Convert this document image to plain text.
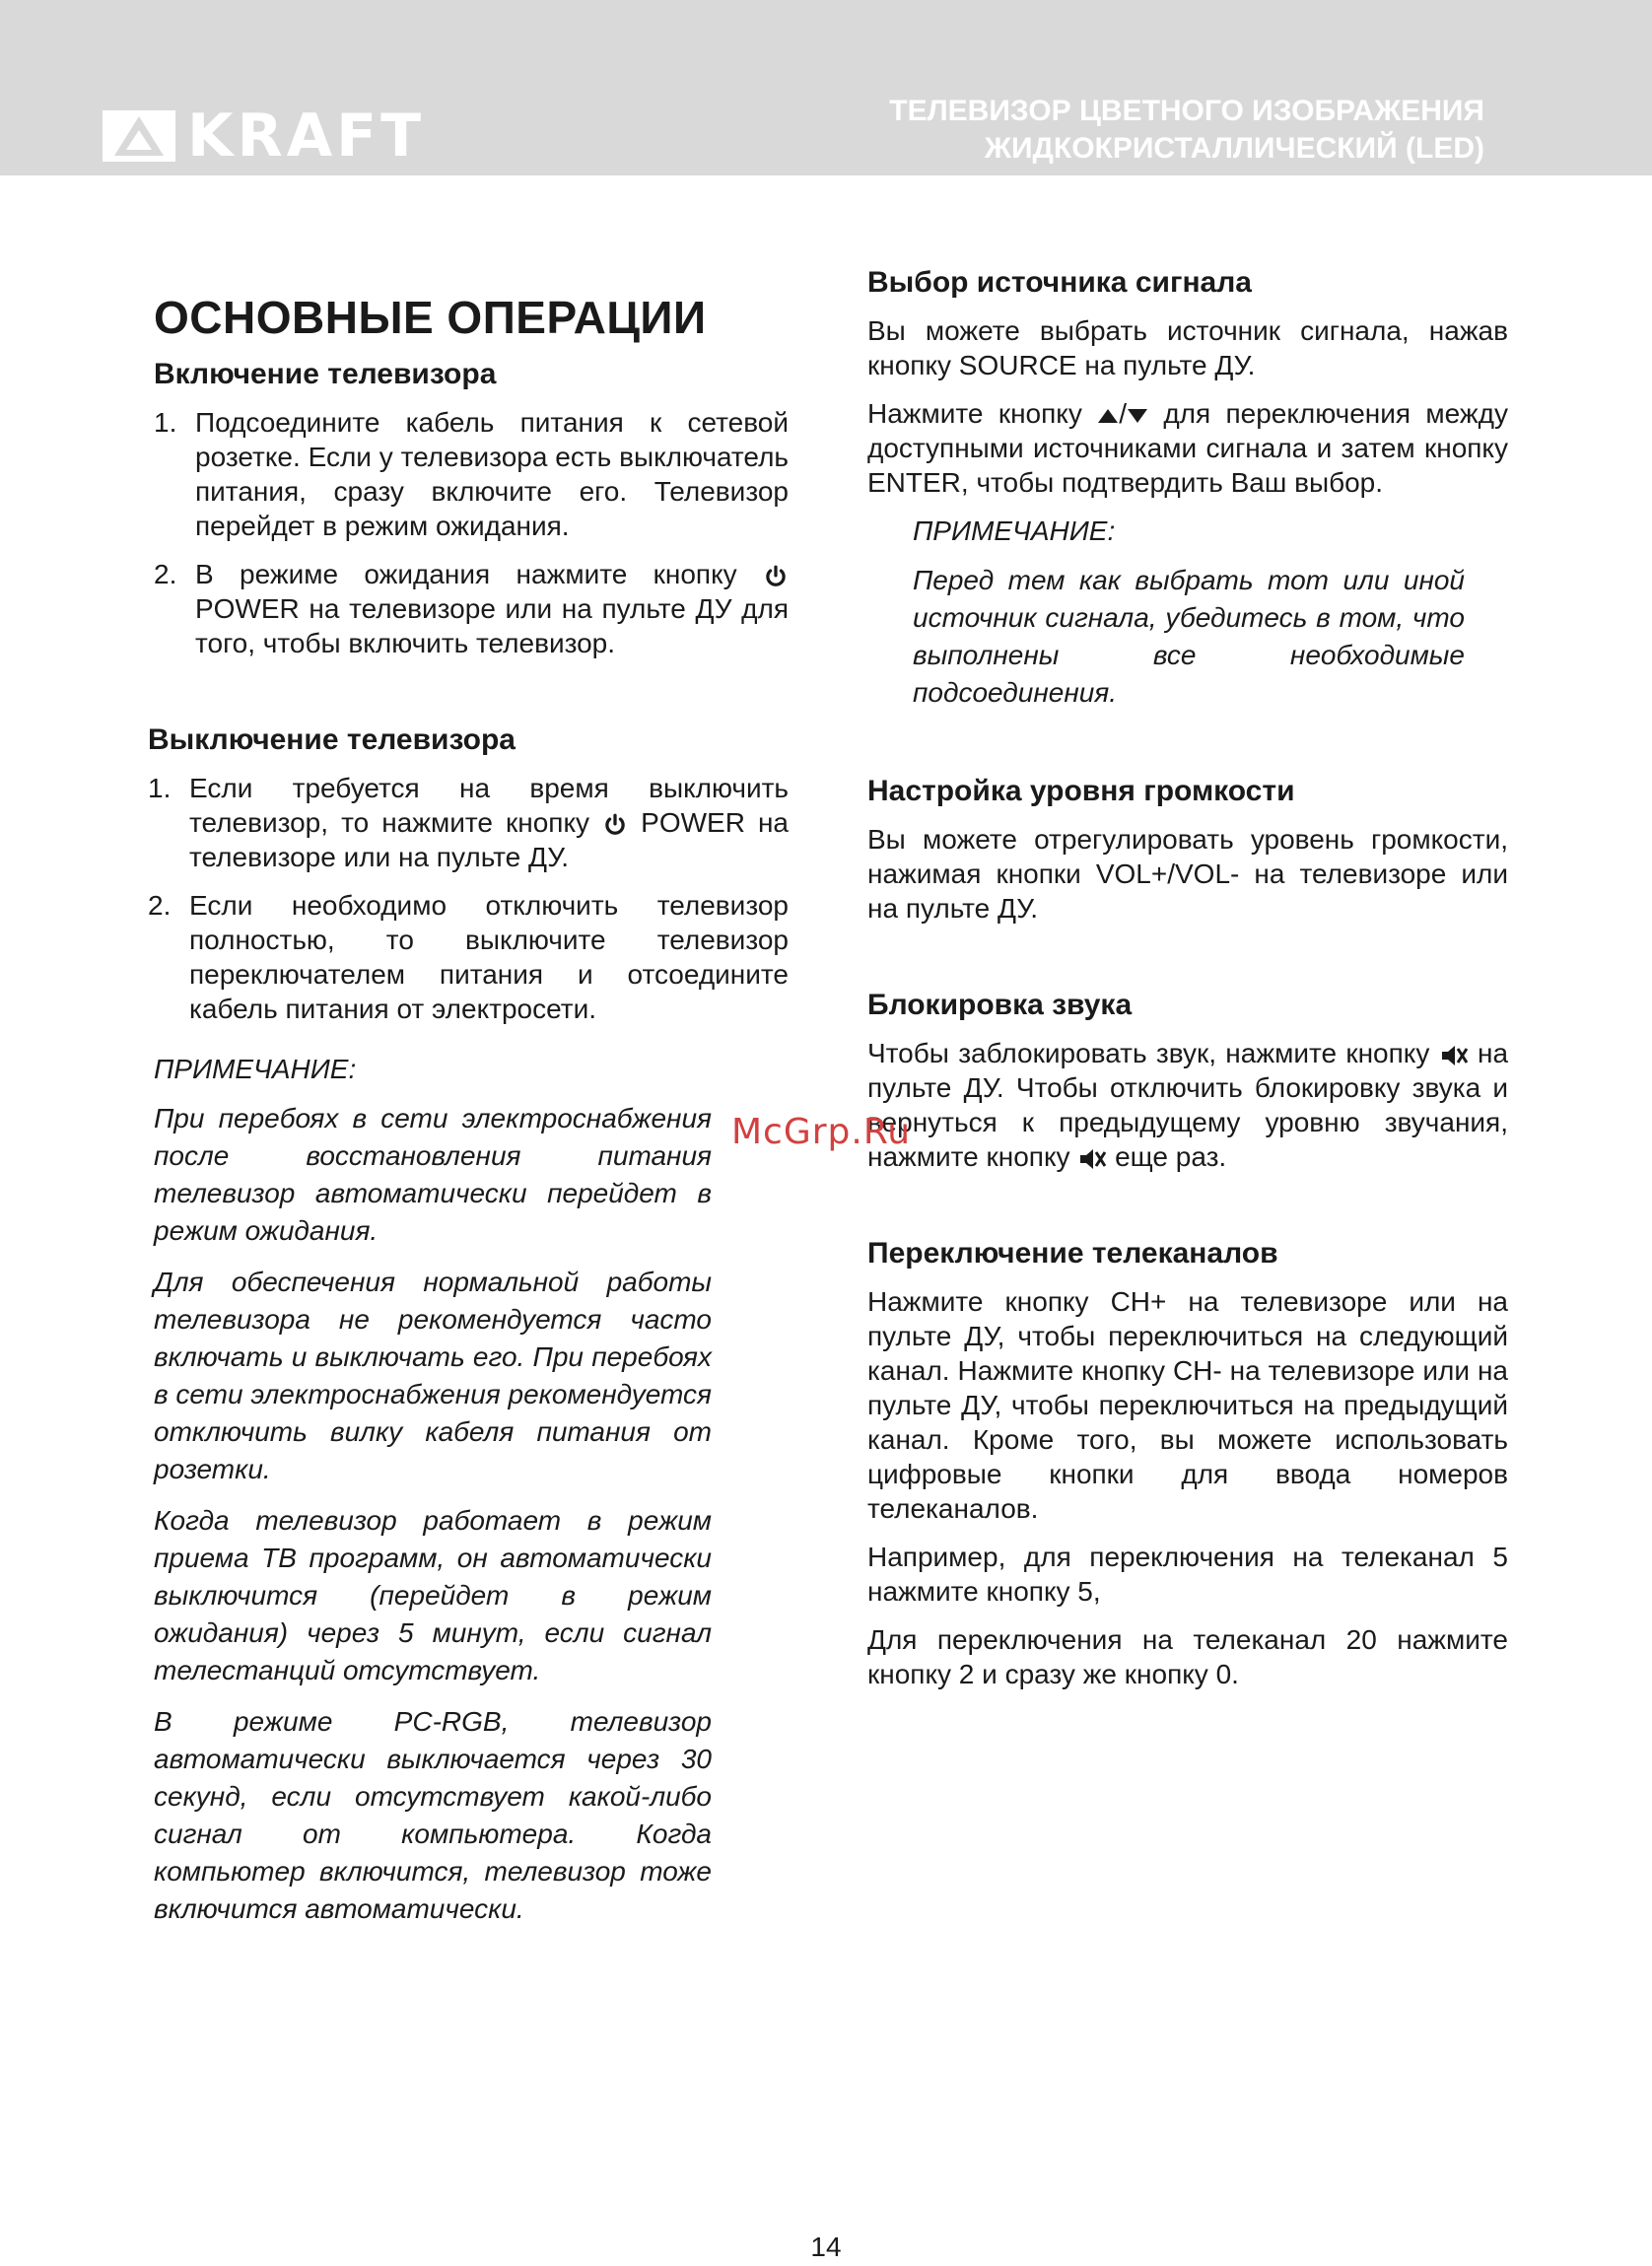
KRAFT	ТЕЛЕВИЗОР ЦВЕТНОГО ИЗОБРАЖЕНИЯ
ЖИДКОКРИСТАЛЛИЧЕСКИЙ (LED)
ОСНОВНЫЕ ОПЕРАЦИИ
Включение телевизора
1. Подсоедините кабель питания к сетевой розетке. Если у телевизора есть выключатель питания, сразу включите его. Телевизор перейдет в режим ожидания.
2. В режиме ожидания нажмите кнопку  POWER на телевизоре или на пульте ДУ для того, чтобы включить телевизор.
Выключение телевизора
1. Если требуется на время выключить телевизор, то нажмите кнопку POWER на телевизоре или на пульте ДУ.
2. Если необходимо отключить телевизор полностью, то выключите телевизор переключателем питания и отсоедините кабель питания от электросети.
ПРИМЕЧАНИЕ:

При перебоях в сети электроснабжения после восстановления питания телевизор автоматически перейдет в режим ожидания.

Для обеспечения нормальной работы телевизора не рекомендуется часто включать и выключать его. При перебоях в сети электроснабжения рекомендуется отключить вилку кабеля питания от розетки.

Когда телевизор работает в режим приема ТВ программ, он автоматически выключится (перейдет в режим ожидания) через 5 минут, если сигнал телестанций отсутствует.

В режиме PC-RGB, телевизор автоматически выключается через 30 секунд, если отсутствует какой-либо сигнал от компьютера. Когда компьютер включится, телевизор тоже включится автоматически.

Выбор источника сигнала

Вы можете выбрать источник сигнала, нажав кнопку SOURCE на пульте ДУ.

Нажмите кнопку / для переключения между доступными источниками сигнала и затем кнопку ENTER, чтобы подтвердить Ваш выбор.

ПРИМЕЧАНИЕ:

Перед тем как выбрать тот или иной источник сигнала, убедитесь в том, что выполнены все необходимые подсоединения.

Настройка уровня громкости

Вы можете отрегулировать уровень громкости, нажимая кнопки VOL+/VOL- на телевизоре или на пульте ДУ.

Блокировка звука

Чтобы заблокировать звук, нажмите кнопку на пульте ДУ. Чтобы отключить блокировку звука и вернуться к предыдущему уровню звучания, нажмите кнопку еще раз.

Переключение телеканалов

Нажмите кнопку CH+ на телевизоре или на пульте ДУ, чтобы переключиться на следующий канал. Нажмите кнопку CH- на телевизоре или на пульте ДУ, чтобы переключиться на предыдущий канал. Кроме того, вы можете использовать цифровые кнопки для ввода номеров телеканалов.

Например, для переключения на телеканал 5 нажмите кнопку 5,

Для переключения на телеканал 20 нажмите кнопку 2 и сразу же кнопку 0.

McGrp.Ru
14
